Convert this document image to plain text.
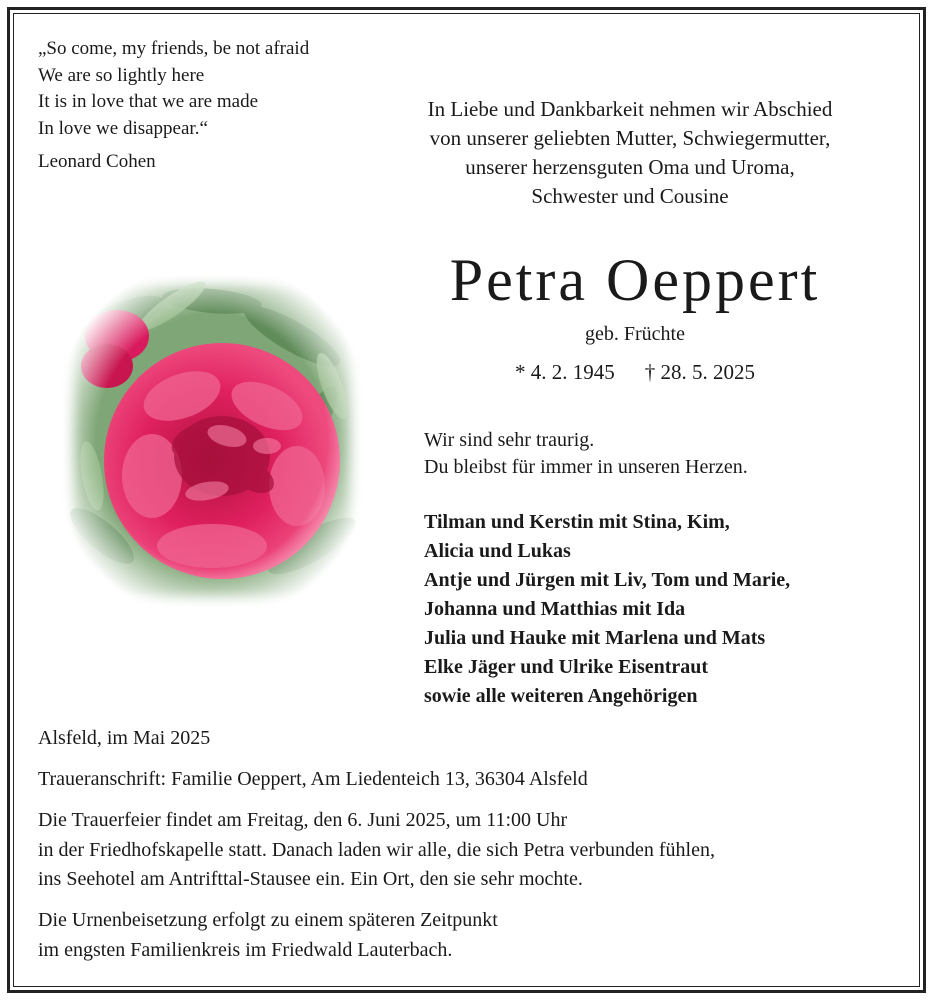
„So come, my friends, be not afraid
We are so lightly here
It is in love that we are made
In love we disappear.“
Leonard Cohen
In Liebe und Dankbarkeit nehmen wir Abschied
von unserer geliebten Mutter, Schwiegermutter,
unserer herzensguten Oma und Uroma,
Schwester und Cousine
Petra Oeppert
geb. Früchte
* 4. 2. 1945 † 28. 5. 2025
Wir sind sehr traurig.
Du bleibst für immer in unseren Herzen.
Tilman und Kerstin mit Stina, Kim,
Alicia und Lukas
Antje und Jürgen mit Liv, Tom und Marie,
Johanna und Matthias mit Ida
Julia und Hauke mit Marlena und Mats
Elke Jäger und Ulrike Eisentraut
sowie alle weiteren Angehörigen
Alsfeld, im Mai 2025
Traueranschrift: Familie Oeppert, Am Liedenteich 13, 36304 Alsfeld
Die Trauerfeier findet am Freitag, den 6. Juni 2025, um 11:00 Uhr
in der Friedhofskapelle statt. Danach laden wir alle, die sich Petra verbunden fühlen,
ins Seehotel am Antrifttal-Stausee ein. Ein Ort, den sie sehr mochte.
Die Urnenbeisetzung erfolgt zu einem späteren Zeitpunkt
im engsten Familienkreis im Friedwald Lauterbach.
